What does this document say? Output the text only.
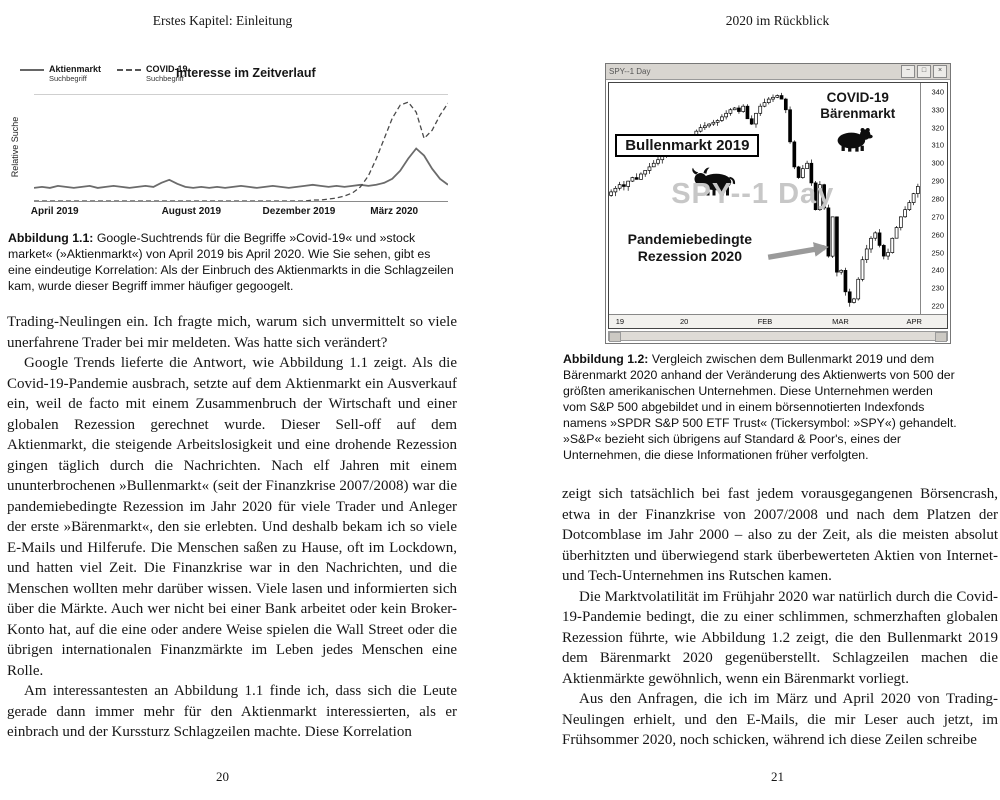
Erstes Kapitel: Einleitung
Aktienmarkt
Suchbegriff
COVID-19
Suchbegriff
Interesse im Zeitverlauf
Relative Suche
April 2019	August 2019	Dezember 2019	März 2020

Abbildung 1.1: Google-Suchtrends für die Begriffe »Covid-19« und »stock market« (»Aktienmarkt«) von April 2019 bis April 2020. Wie Sie sehen, gibt es eine eindeutige Korrelation: Als der Einbruch des Aktienmarkts in die Schlagzeilen kam, wurde dieser Begriff immer häufiger gegoogelt.

Trading-Neulingen ein. Ich fragte mich, warum sich unvermittelt so viele unerfahrene Trader bei mir meldeten. Was hatte sich verändert?

Google Trends lieferte die Antwort, wie Abbildung 1.1 zeigt. Als die Covid-19-Pandemie ausbrach, setzte auf dem Aktienmarkt ein Ausverkauf ein, weil de facto mit einem Zusammenbruch der Wirtschaft und einer globalen Rezession gerechnet wurde. Dieser Sell-off auf dem Aktienmarkt, die steigende Arbeitslosigkeit und eine drohende Rezession gingen täglich durch die Nachrichten. Nach elf Jahren mit einem ununterbrochenen »Bullenmarkt« (seit der Finanzkrise 2007/2008) war die pandemiebedingte Rezession im Jahr 2020 für viele Trader und Anleger der erste »Bärenmarkt«, den sie erlebten. Und deshalb bekam ich so viele E-Mails und Hilferufe. Die Menschen saßen zu Hause, oft im Lockdown, und hatten viel Zeit. Die Finanzkrise war in den Nachrichten, und die Menschen wollten mehr darüber wissen. Viele lasen und informierten sich über die Märkte. Auch wer nicht bei einer Bank arbeitet oder kein Broker-Konto hat, auf die eine oder andere Weise spielen die Wall Street oder die übrigen internationalen Finanzmärkte im Leben jedes Menschen eine Rolle.

Am interessantesten an Abbildung 1.1 finde ich, dass sich die Leute gerade dann immer mehr für den Aktienmarkt interessierten, als er einbrach und der Kurssturz Schlagzeilen machte. Diese Korrelation

20
2020 im Rückblick
SPY--1 Day	−	□	×
Bullenmarkt 2019
COVID-19
Bärenmarkt
SPY--1 Day
Pandemiebedingte
Rezession 2020
340
330
320
310
300
290
280
270
260
250
240
230
220
19	20	FEB	MAR	APR

Abbildung 1.2: Vergleich zwischen dem Bullenmarkt 2019 und dem Bärenmarkt 2020 anhand der Veränderung des Aktienwerts von 500 der größten amerikanischen Unternehmen. Diese Unternehmen werden vom S&P 500 abgebildet und in einem börsennotierten Indexfonds namens »SPDR S&P 500 ETF Trust« (Tickersymbol: »SPY«) gehandelt. »S&P« bezieht sich übrigens auf Standard & Poor's, eines der Unternehmen, die diese Informationen früher verfolgten.

zeigt sich tatsächlich bei fast jedem vorausgegangenen Börsencrash, etwa in der Finanzkrise von 2007/2008 und nach dem Platzen der Dotcomblase im Jahr 2000 – also zu der Zeit, als die meisten absolut überhitzten und überwiegend stark überbewerteten Aktien von Internet- und Tech-Unternehmen ins Rutschen kamen.

Die Marktvolatilität im Frühjahr 2020 war natürlich durch die Covid-19-Pandemie bedingt, die zu einer schlimmen, schmerzhaften globalen Rezession führte, wie Abbildung 1.2 zeigt, die den Bullenmarkt 2019 dem Bärenmarkt 2020 gegenüberstellt. Schlagzeilen machen die Aktienmärkte gewöhnlich, wenn ein Bärenmarkt vorliegt.

Aus den Anfragen, die ich im März und April 2020 von Trading-Neulingen erhielt, und den E-Mails, die mir Leser auch jetzt, im Frühsommer 2020, noch schicken, während ich diese Zeilen schreibe

21
